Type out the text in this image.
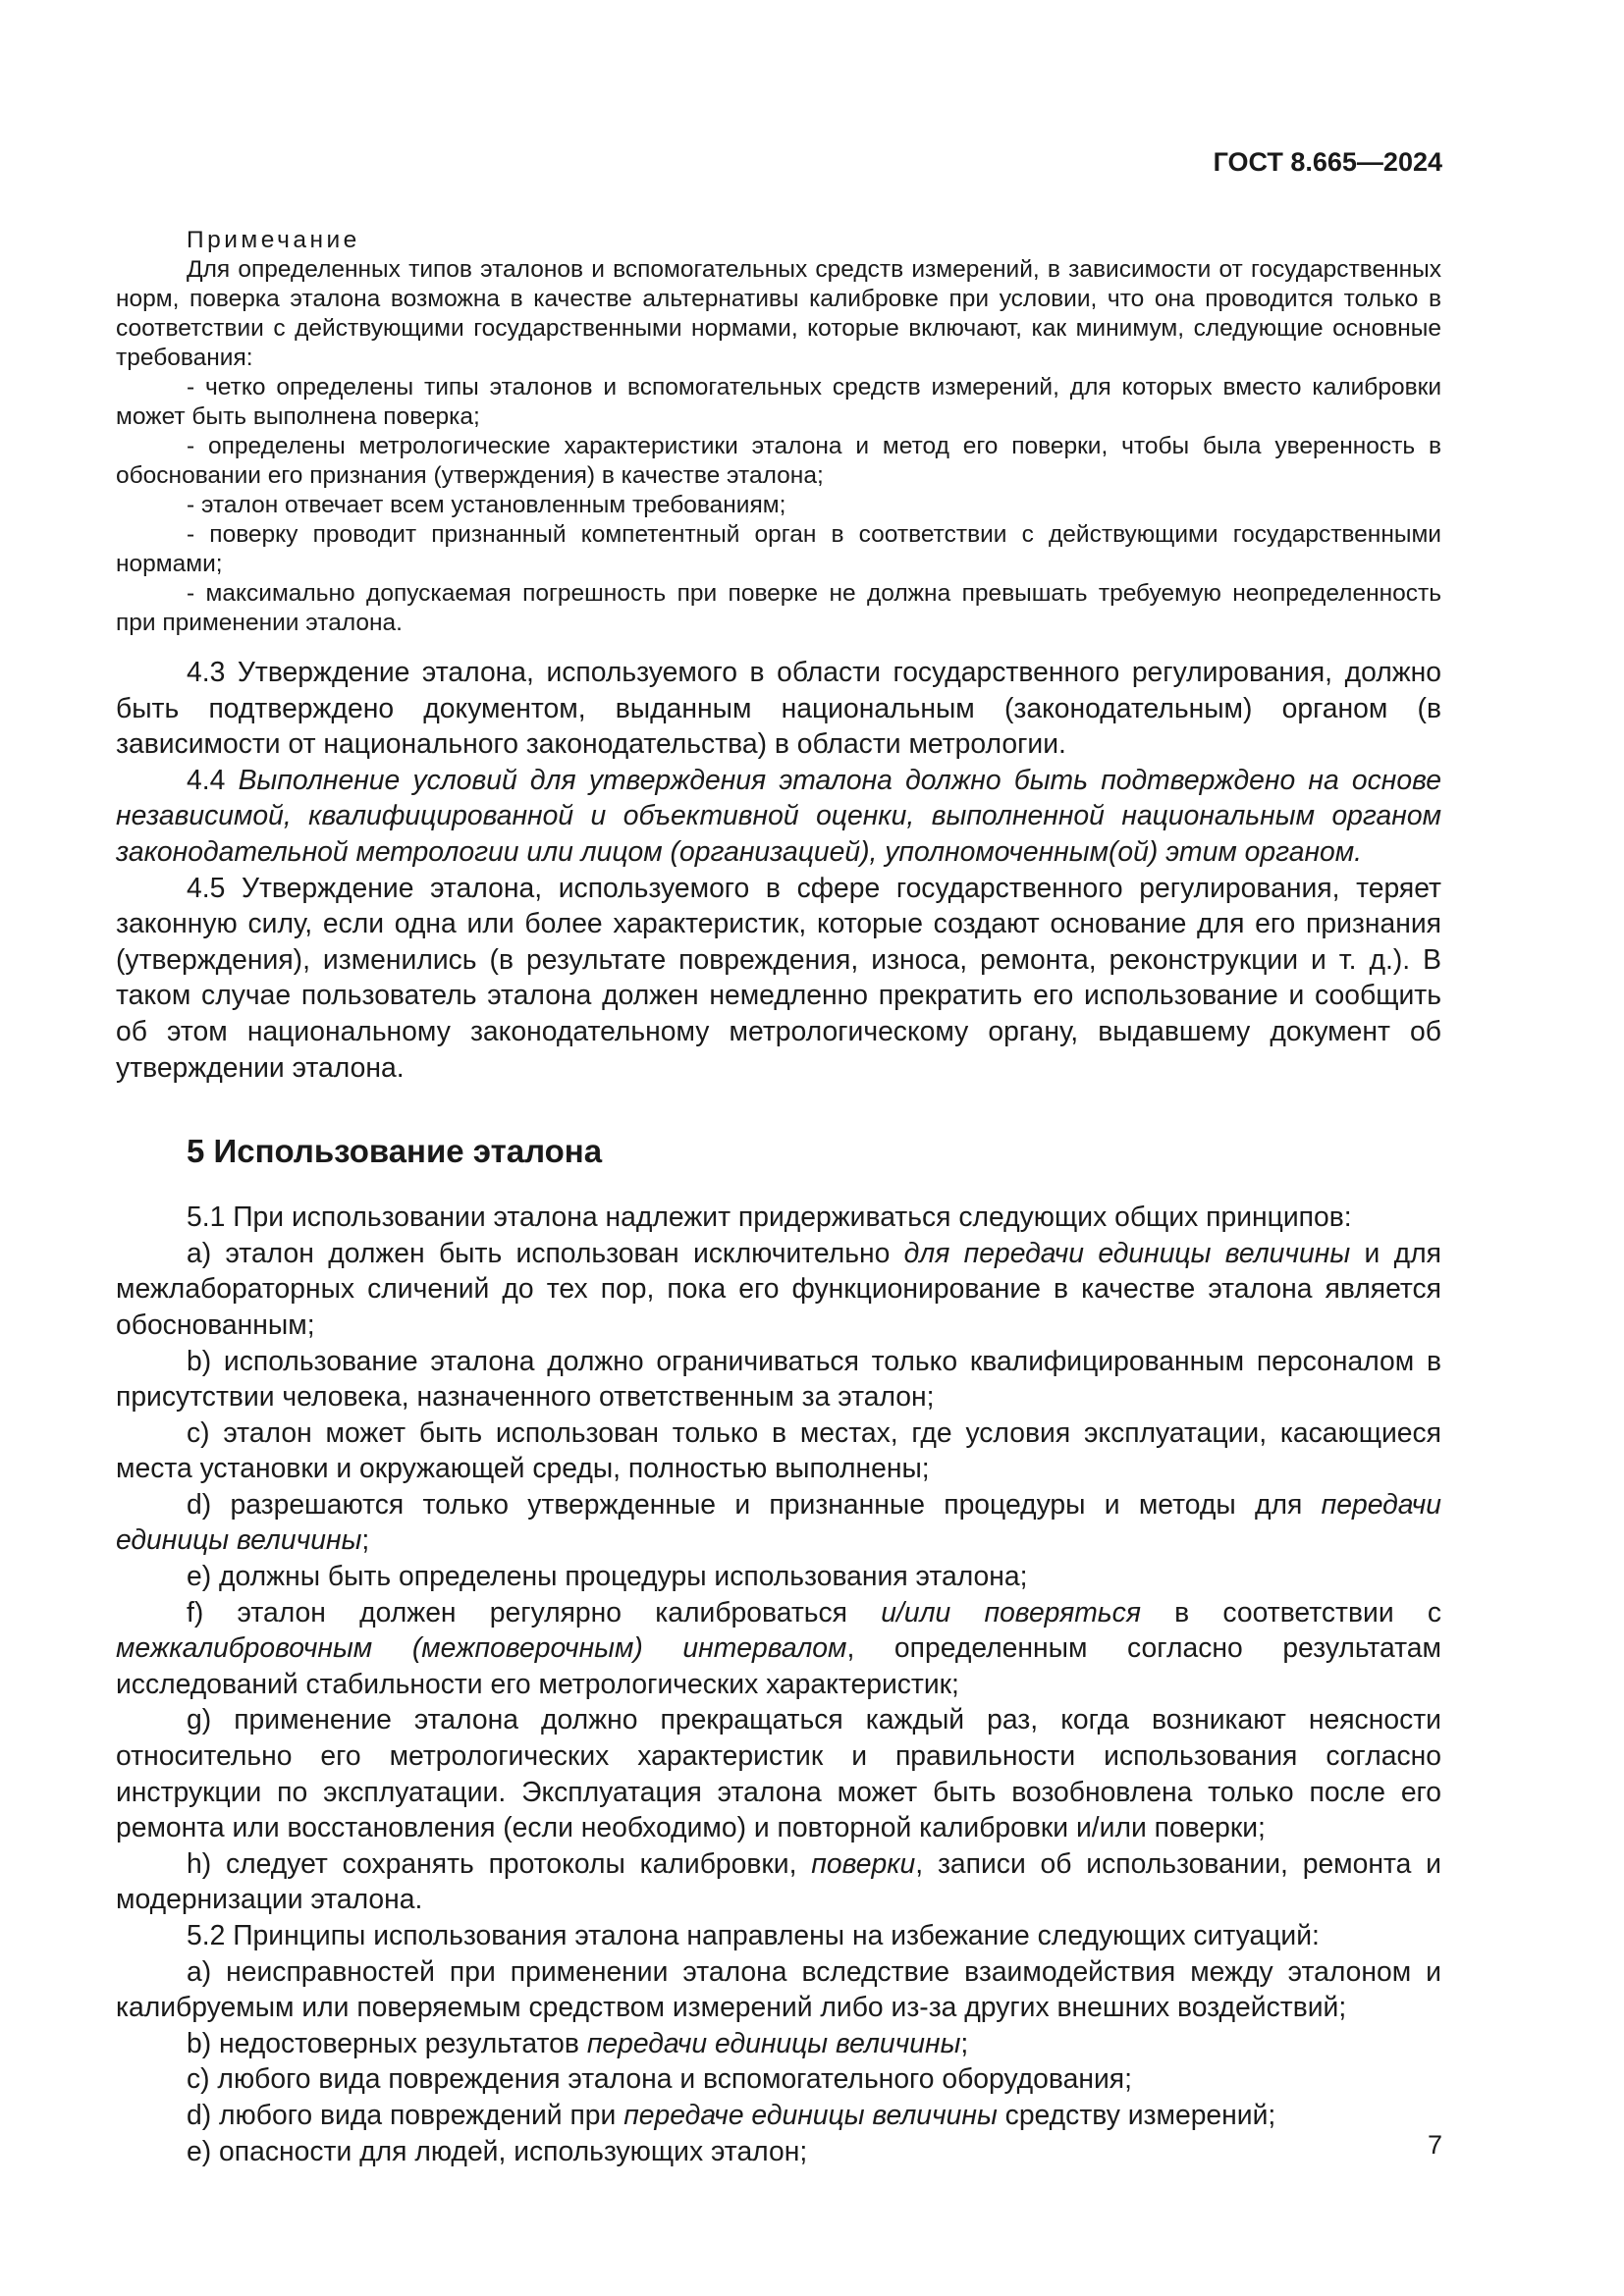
ГОСТ 8.665—2024

Примечание

Для определенных типов эталонов и вспомогательных средств измерений, в зависимости от государственных норм, поверка эталона возможна в качестве альтернативы калибровке при условии, что она проводится только в соответствии с действующими государственными нормами, которые включают, как минимум, следующие основные требования:

- четко определены типы эталонов и вспомогательных средств измерений, для которых вместо калибровки может быть выполнена поверка;

- определены метрологические характеристики эталона и метод его поверки, чтобы была уверенность в обосновании его признания (утверждения) в качестве эталона;

- эталон отвечает всем установленным требованиям;

- поверку проводит признанный компетентный орган в соответствии с действующими государственными нормами;

- максимально допускаемая погрешность при поверке не должна превышать требуемую неопределенность при применении эталона.

4.3 Утверждение эталона, используемого в области государственного регулирования, должно быть подтверждено документом, выданным национальным (законодательным) органом (в зависимости от национального законодательства) в области метрологии.

4.4 Выполнение условий для утверждения эталона должно быть подтверждено на основе независимой, квалифицированной и объективной оценки, выполненной национальным органом законодательной метрологии или лицом (организацией), уполномоченным(ой) этим органом.

4.5 Утверждение эталона, используемого в сфере государственного регулирования, теряет законную силу, если одна или более характеристик, которые создают основание для его признания (утверждения), изменились (в результате повреждения, износа, ремонта, реконструкции и т. д.). В таком случае пользователь эталона должен немедленно прекратить его использование и сообщить об этом национальному законодательному метрологическому органу, выдавшему документ об утверждении эталона.

5 Использование эталона

5.1 При использовании эталона надлежит придерживаться следующих общих принципов:

a) эталон должен быть использован исключительно для передачи единицы величины и для межлабораторных сличений до тех пор, пока его функционирование в качестве эталона является обоснованным;

b) использование эталона должно ограничиваться только квалифицированным персоналом в присутствии человека, назначенного ответственным за эталон;

c) эталон может быть использован только в местах, где условия эксплуатации, касающиеся места установки и окружающей среды, полностью выполнены;

d) разрешаются только утвержденные и признанные процедуры и методы для передачи единицы величины;

e) должны быть определены процедуры использования эталона;

f) эталон должен регулярно калиброваться и/или поверяться в соответствии с межкалибровочным (межповерочным) интервалом, определенным согласно результатам исследований стабильности его метрологических характеристик;

g) применение эталона должно прекращаться каждый раз, когда возникают неясности относительно его метрологических характеристик и правильности использования согласно инструкции по эксплуатации. Эксплуатация эталона может быть возобновлена только после его ремонта или восстановления (если необходимо) и повторной калибровки и/или поверки;

h) следует сохранять протоколы калибровки, поверки, записи об использовании, ремонта и модернизации эталона.

5.2 Принципы использования эталона направлены на избежание следующих ситуаций:

a) неисправностей при применении эталона вследствие взаимодействия между эталоном и калибруемым или поверяемым средством измерений либо из-за других внешних воздействий;

b) недостоверных результатов передачи единицы величины;

c) любого вида повреждения эталона и вспомогательного оборудования;

d) любого вида повреждений при передаче единицы величины средству измерений;

e) опасности для людей, использующих эталон;	7
